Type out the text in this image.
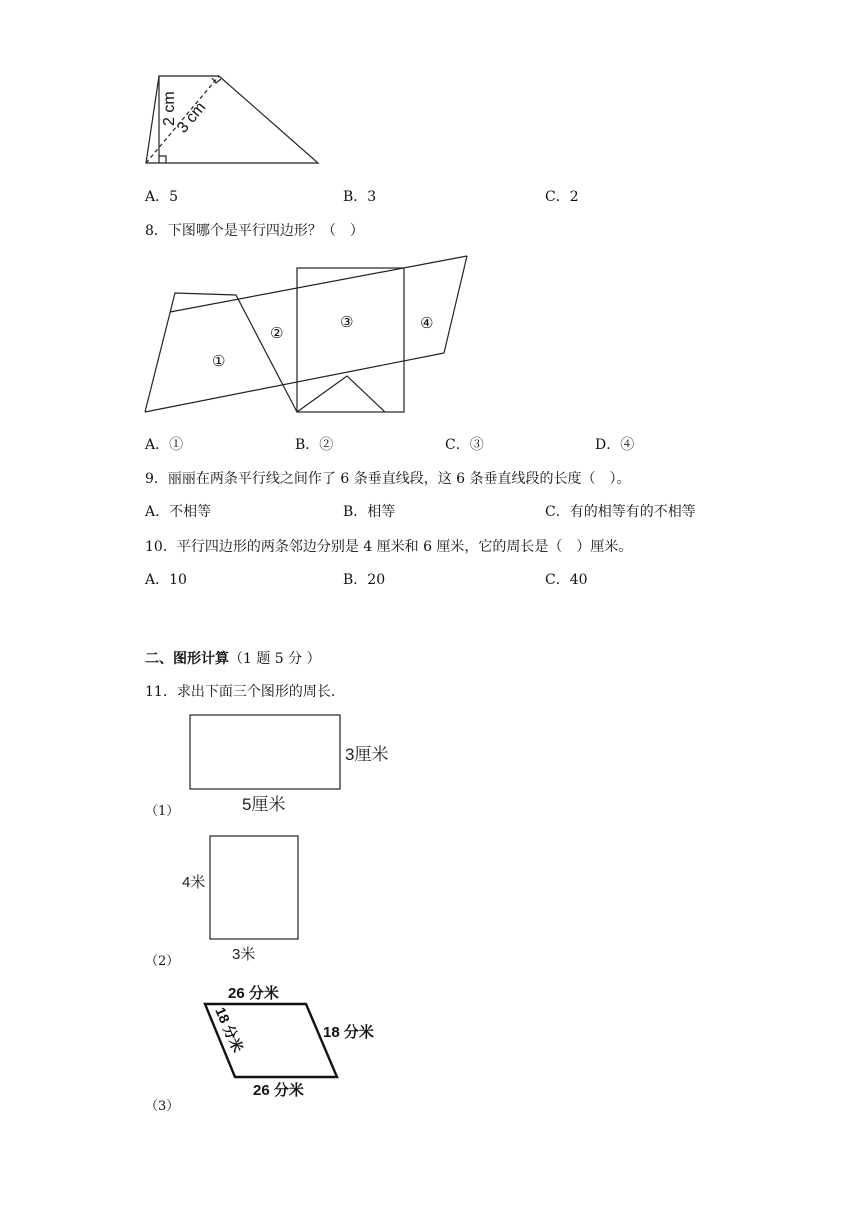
2 cm
3 cm
A．5	B．3	C．2
8．下图哪个是平行四边形？（　）
①
②
③	④
A．①	B．②	C．③	D．④
9．丽丽在两条平行线之间作了 6 条垂直线段，这 6 条垂直线段的长度（　）。
A．不相等	B．相等	C．有的相等有的不相等
10．平行四边形的两条邻边分别是 4 厘米和 6 厘米，它的周长是（　）厘米。
A．10	B．20	C．40
二、图形计算（1 题 5 分 ）
11．求出下面三个图形的周长．
3厘米
5厘米
（1）
4米
3米
（2）
26 分米
18 分米	18 分米
26 分米
（3）
